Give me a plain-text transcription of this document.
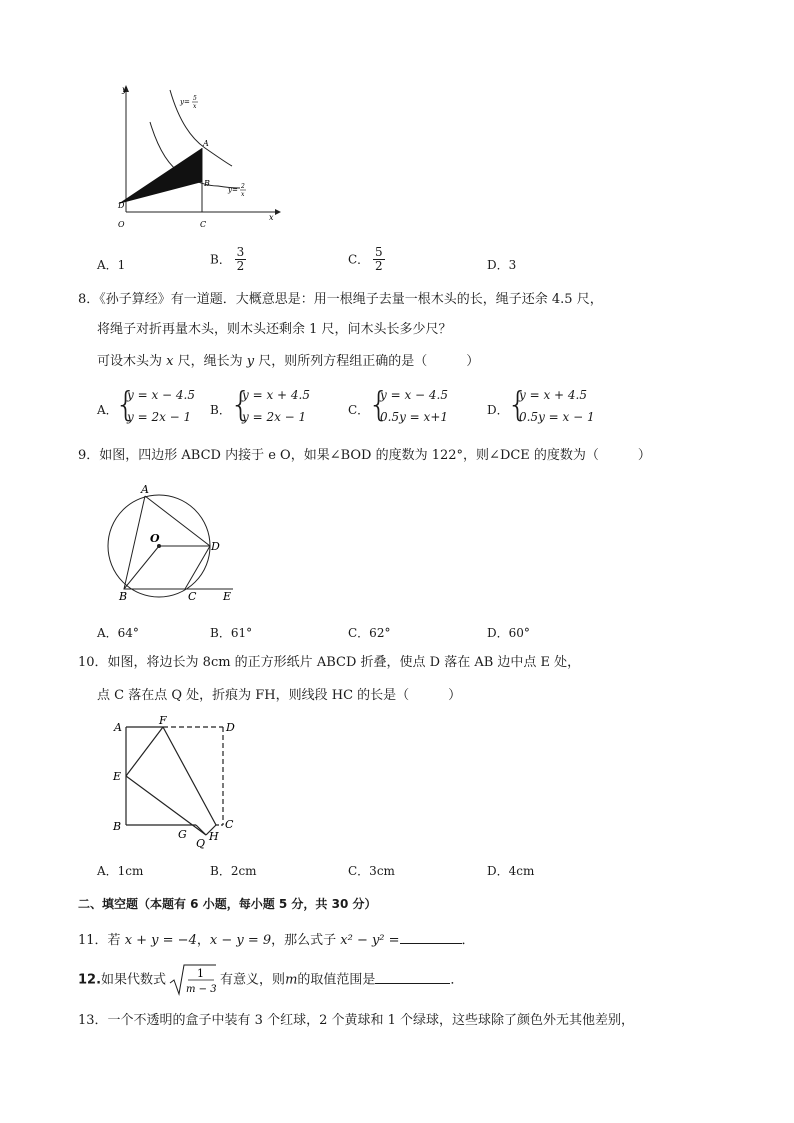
y
x
O
D
C
A
B
y= 5
x
y= 2
x
A．1	B． $\frac{3}{2}$	C． $\frac{5}{2}$	D．3
8．《孙子算经》有一道题．大概意思是：用一根绳子去量一根木头的长，绳子还余 4.5 尺，
将绳子对折再量木头，则木头还剩余 1 尺，问木头长多少尺？
可设木头为 x 尺，绳长为 y 尺，则所列方程组正确的是（　　　）
A．
{
y = x − 4.5
y = 2x − 1 B． {
y = x + 4.5
y = 2x − 1	C．
{
y = x − 4.5
0.5y = x+1	D．
{
y = x + 4.5
0.5y = x − 1
9．如图，四边形 ABCD 内接于 e O，如果∠BOD 的度数为 122°，则∠DCE 的度数为（　　　）
A
O
D
B	C E
A．64°	B．61°	C．62°	D．60°
10．如图，将边长为 8cm 的正方形纸片 ABCD 折叠，使点 D 落在 AB 边中点 E 处，
点 C 落在点 Q 处，折痕为 FH，则线段 HC 的长是（　　　）
A
F
D
E
B
G
C
H
Q
A．1cm	B．2cm	C．3cm	D．4cm
二、填空题（本题有 6 小题，每小题 5 分，共 30 分）
11．若 x + y = −4，x − y = 9，那么式子 x² − y² =	．
12.如果代数式	1
m − 3
有意义，则m的取值范围是	．
13．一个不透明的盒子中装有 3 个红球，2 个黄球和 1 个绿球，这些球除了颜色外无其他差别，
